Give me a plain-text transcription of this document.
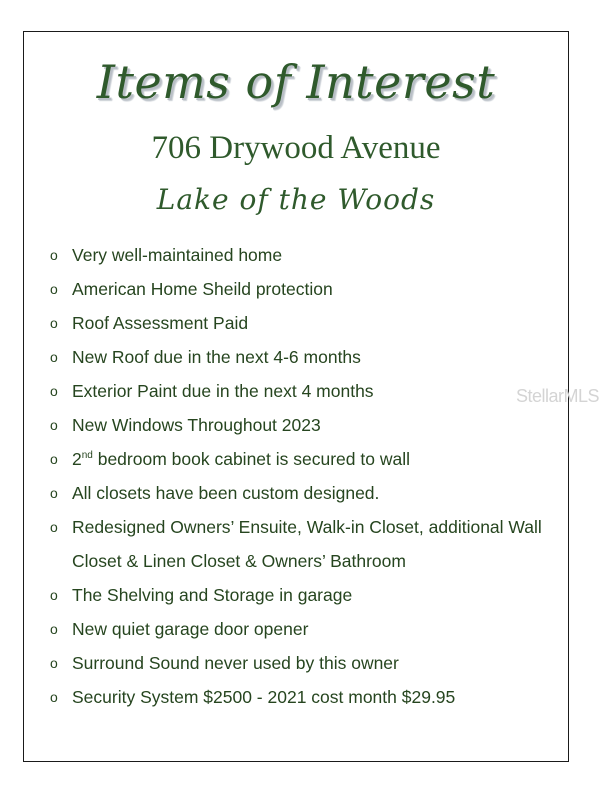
Items of Interest
706 Drywood Avenue
Lake of the Woods
o Very well-maintained home
o American Home Sheild protection
o Roof Assessment Paid
o New Roof due in the next 4-6 months
o Exterior Paint due in the next 4 months
o New Windows Throughout 2023
o 2nd bedroom book cabinet is secured to wall
o All closets have been custom designed.
o Redesigned Owners’ Ensuite, Walk-in Closet, additional Wall Closet & Linen Closet & Owners’ Bathroom
o The Shelving and Storage in garage
o New quiet garage door opener
o Surround Sound never used by this owner
o Security System $2500 - 2021 cost month $29.95
StellarMLS
